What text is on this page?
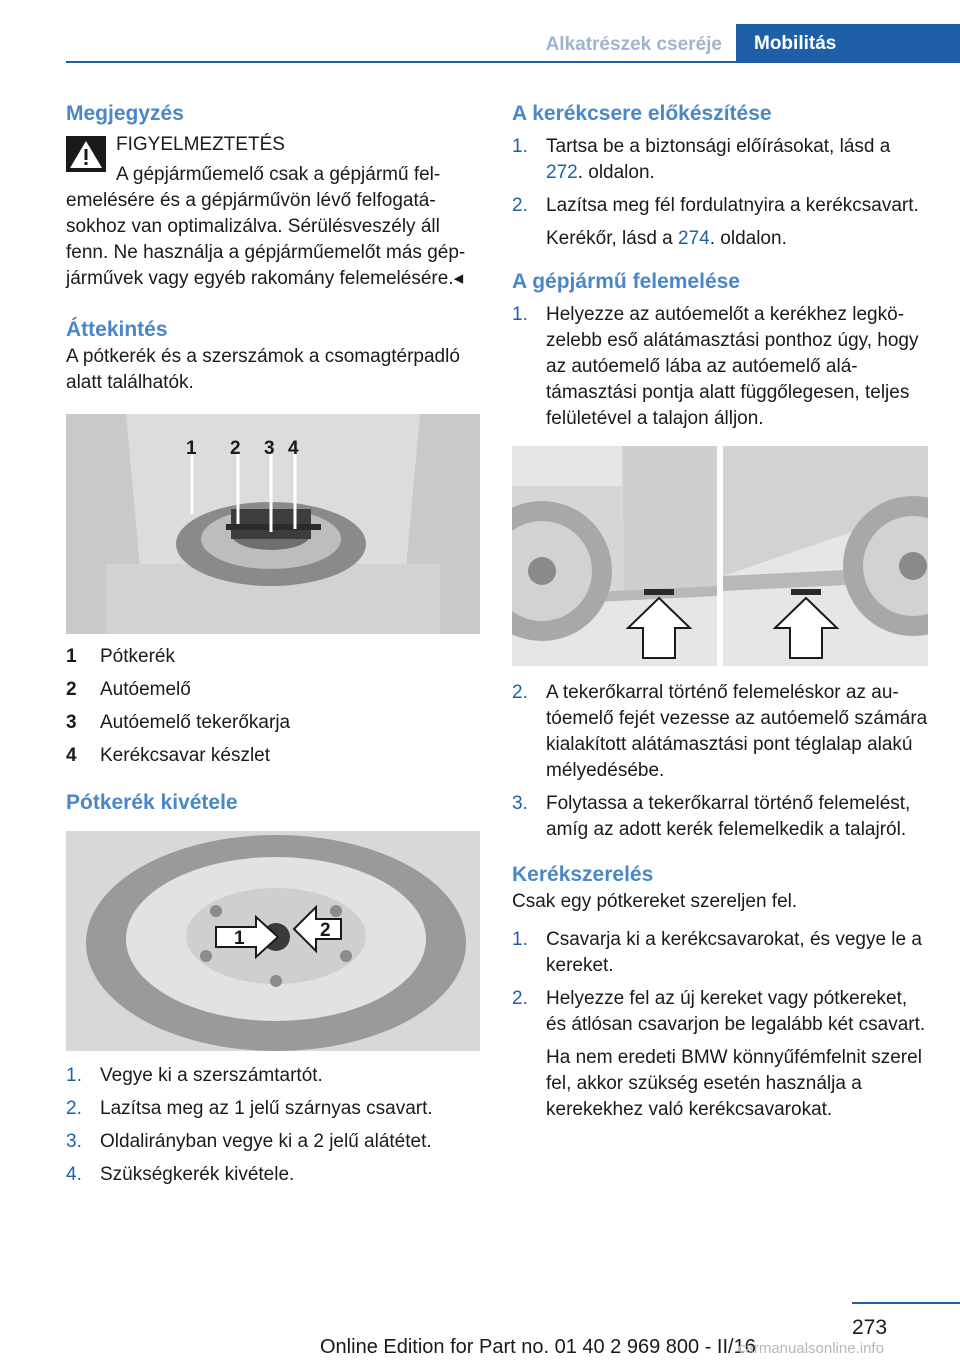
Alkatrészek cseréje	Mobilitás
Megjegyzés

FIGYELMEZTETÉS

A gépjárműemelő csak a gépjármű felemelésére és a gépjárművön lévő felfogatásokhoz van optimalizálva. Sérülésveszély áll fenn. Ne használja a gépjárműemelőt más gépjárművek vagy egyéb rakomány felemelésére.◂

Áttekintés

A pótkerék és a szerszámok a csomagtérpadló alatt találhatók.

1 2 3 4
1 Pótkerék
2 Autóemelő
3 Autóemelő tekerőkarja
4 Kerékcsavar készlet
Pótkerék kivétele
1	2
1. Vegye ki a szerszámtartót.
2. Lazítsa meg az 1 jelű szárnyas csavart.
3. Oldalirányban vegye ki a 2 jelű alátétet.
4. Szükségkerék kivétele.
A kerékcsere előkészítése
1. Tartsa be a biztonsági előírásokat, lásd a 272. oldalon.
2. Lazítsa meg fél fordulatnyira a kerékcsavart.

Kerékőr, lásd a 274. oldalon.

A gépjármű felemelése
1. Helyezze az autóemelőt a kerékhez legközelebb eső alátámasztási ponthoz úgy, hogy az autóemelő lába az autóemelő alátámasztási pontja alatt függőlegesen, teljes felületével a talajon álljon.
2. A tekerőkarral történő felemeléskor az autóemelő fejét vezesse az autóemelő számára kialakított alátámasztási pont téglalap alakú mélyedésébe.
3. Folytassa a tekerőkarral történő felemelést, amíg az adott kerék felemelkedik a talajról.
Kerékszerelés

Csak egy pótkereket szereljen fel.

1. Csavarja ki a kerékcsavarokat, és vegye le a kereket.
2. Helyezze fel az új kereket vagy pótkereket, és átlósan csavarjon be legalább két csavart.

Ha nem eredeti BMW könnyűfémfelnit szerel fel, akkor szükség esetén használja a kerekekhez való kerékcsavarokat.

273
Online Edition for Part no. 01 40 2 969 800 - II/16
carmanualsonline.info
